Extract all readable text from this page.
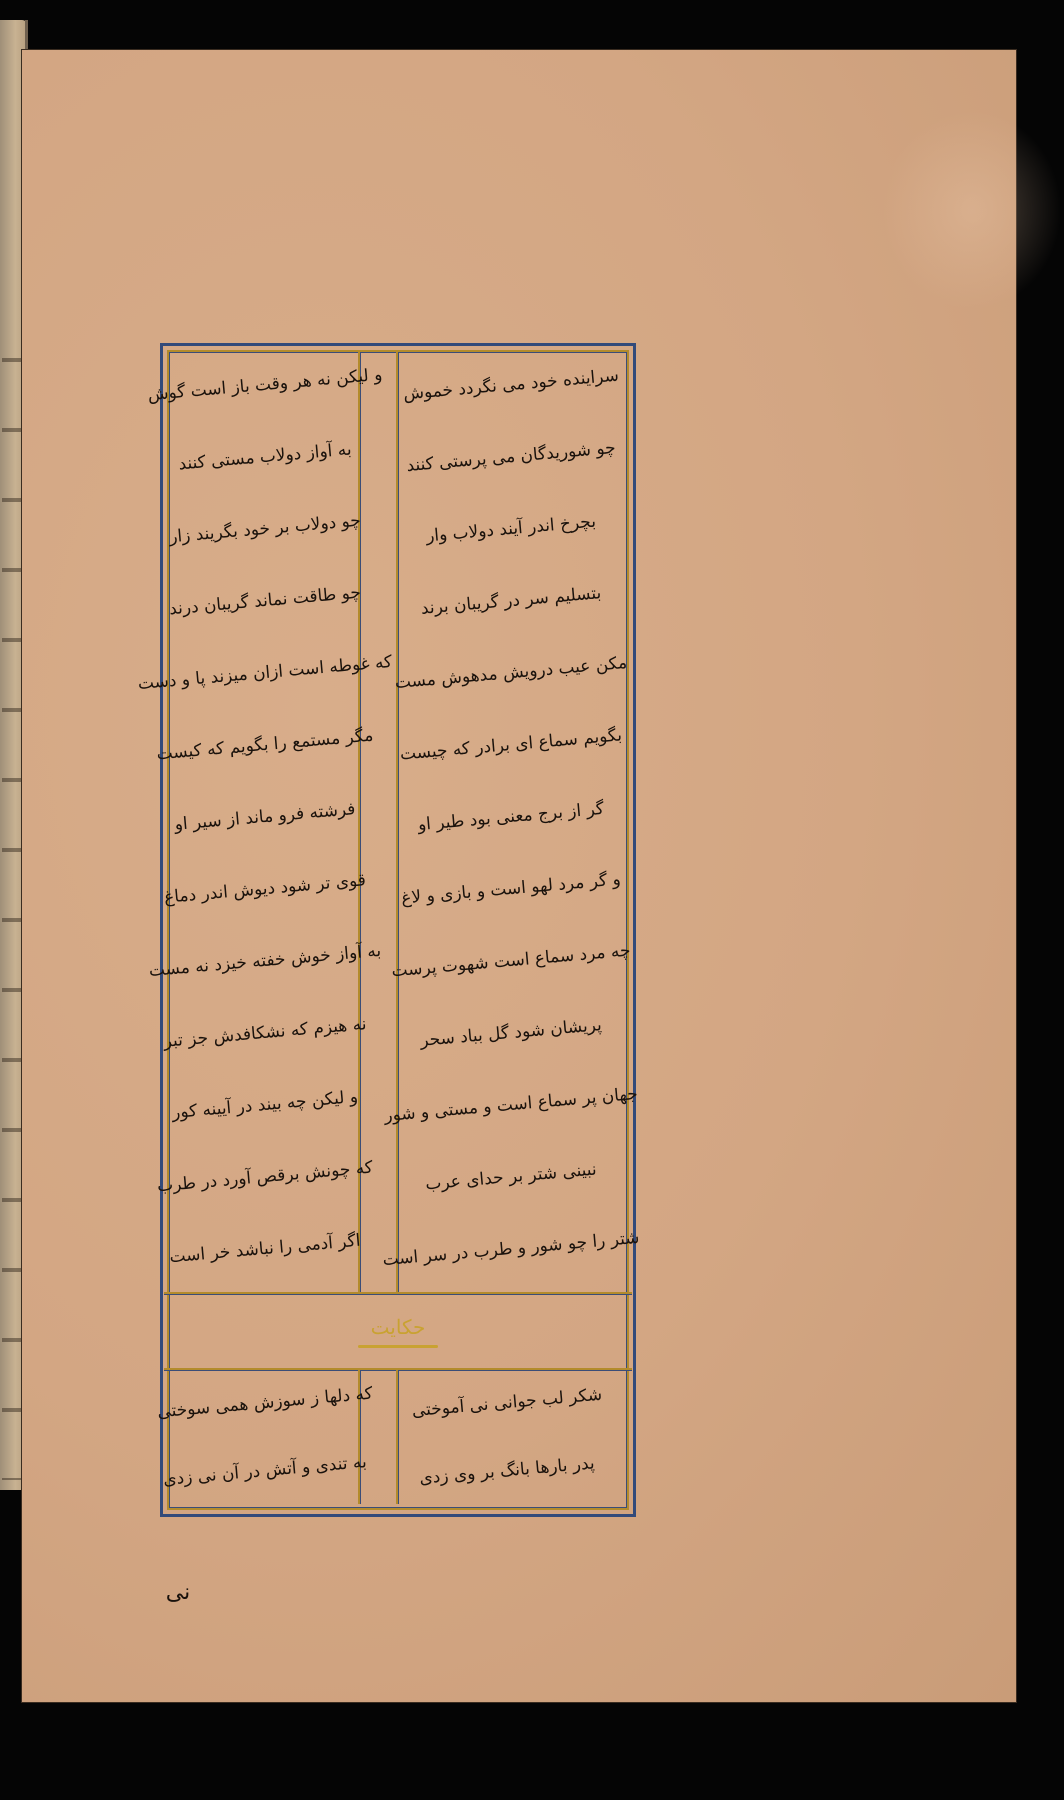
سراینده خود می نگردد خموش
چو شوریدگان می پرستی کنند
بچرخ اندر آیند دولاب وار
بتسلیم سر در گریبان برند
مکن عیب درویش مدهوش مست
بگویم سماع ای برادر که چیست
گر از برج معنی بود طیر او
و گر مرد لهو است و بازی و لاغ
چه مرد سماع است شهوت پرست
پریشان شود گل بباد سحر
جهان پر سماع است و مستی و شور
نبینی شتر بر حدای عرب
شتر را چو شور و طرب در سر است
و لیکن نه هر وقت باز است گوش
به آواز دولاب مستی کنند
چو دولاب بر خود بگریند زار
چو طاقت نماند گریبان درند
که غوطه است ازان میزند پا و دست
مگر مستمع را بگویم که کیست
فرشته فرو ماند از سیر او
قوی تر شود دیوش اندر دماغ
به آواز خوش خفته خیزد نه مست
نه هیزم که نشکافدش جز تبر
و لیکن چه بیند در آیینه کور
که چونش برقص آورد در طرب
اگر آدمی را نباشد خر است
حکایت
شکر لب جوانی نی آموختی
پدر بارها بانگ بر وی زدی
که دلها ز سوزش همی سوختی
به تندی و آتش در آن نی زدی
نی
